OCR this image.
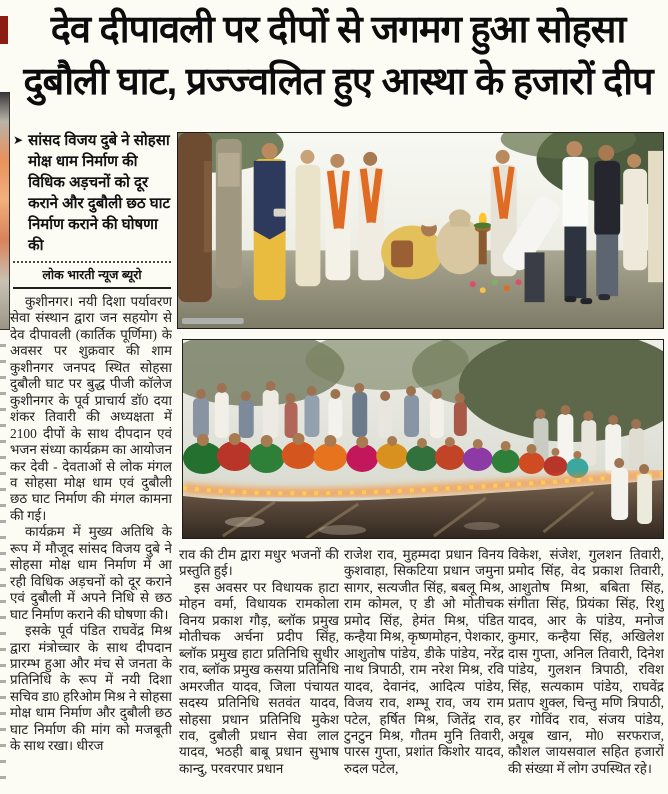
देव दीपावली पर दीपों से जगमग हुआ सोहसा
दुबौली घाट, प्रज्ज्वलित हुए आस्था के हजारों दीप
➤ सांसद विजय दुबे ने सोहसा मोक्ष धाम निर्माण की विधिक अड़चनों को दूर कराने और दुबौली छठ घाट निर्माण कराने की घोषणा की
लोक भारती न्यूज ब्यूरो

कुशीनगर। नयी दिशा पर्यावरण सेवा संस्थान द्वारा जन सहयोग से देव दीपावली (कार्तिक पूर्णिमा) के अवसर पर शुक्रवार की शाम कुशीनगर जनपद स्थित सोहसा दुबौली घाट पर बुद्ध पीजी कॉलेज कुशीनगर के पूर्व प्राचार्य डॉ0 दया शंकर तिवारी की अध्यक्षता में 2100 दीपों के साथ दीपदान एवं भजन संध्या कार्यक्रम का आयोजन कर देवी - देवताओं से लोक मंगल व सोहसा मोक्ष धाम एवं दुबौली छठ घाट निर्माण की मंगल कामना की गई।

कार्यक्रम में मुख्य अतिथि के रूप में मौजूद सांसद विजय दुबे ने सोहसा मोक्ष धाम निर्माण में आ रही विधिक अड़चनों को दूर कराने एवं दुबौली में अपने निधि से छठ घाट निर्माण कराने की घोषणा की।

इसके पूर्व पंडित राघवेंद्र मिश्र द्वारा मंत्रोच्चार के साथ दीपदान प्रारम्भ हुआ और मंच से जनता के प्रतिनिधि के रूप में नयी दिशा सचिव डा0 हरिओम मिश्र ने सोहसा मोक्ष धाम निर्माण और दुबौली छठ घाट निर्माण की मांग को मजबूती के साथ रखा। धीरज

राव की टीम द्वारा मधुर भजनों की प्रस्तुति हुई।

इस अवसर पर विधायक हाटा मोहन वर्मा, विधायक रामकोला विनय प्रकाश गौड़, ब्लॉक प्रमुख मोतीचक अर्चना प्रदीप सिंह, ब्लॉक प्रमुख हाटा प्रतिनिधि सुधीर राव, ब्लॉक प्रमुख कसया प्रतिनिधि अमरजीत यादव, जिला पंचायत सदस्य प्रतिनिधि सतवंत यादव, सोहसा प्रधान प्रतिनिधि मुकेश राव, दुबौली प्रधान सेवा लाल यादव, भठही बाबू प्रधान सुभाष कान्दु, परवरपार प्रधान

राजेश राव, मुहम्मदा प्रधान विनय कुशवाहा, सिकटिया प्रधान जमुना सागर, सत्यजीत सिंह, बबलू मिश्र, राम कोमल, ए डी ओ मोतीचक प्रमोद सिंह, हेमंत मिश्र, पंडित कन्हैया मिश्र, कृष्णमोहन, पेशकार, आशुतोष पांडेय, डीके पांडेय, नरेंद्र नाथ त्रिपाठी, राम नरेश मिश्र, रवि यादव, देवानंद, आदित्य पांडेय, विजय राव, शम्भू राव, जय राम पटेल, हर्षित मिश्र, जितेंद्र राव, टुनटुन मिश्र, गौतम मुनि तिवारी, पारस गुप्ता, प्रशांत किशोर यादव, रुदल पटेल,

विकेश, संजेश, गुलशन तिवारी, प्रमोद सिंह, वेद प्रकाश तिवारी, आशुतोष मिश्रा, बबिता सिंह, संगीता सिंह, प्रियंका सिंह, रिशु यादव, आर के पांडेय, मनोज कुमार, कन्हैया सिंह, अखिलेश दास गुप्ता, अनिल तिवारी, दिनेश पांडेय, गुलशन त्रिपाठी, रविश सिंह, सत्यकाम पांडेय, राघवेंद्र प्रताप शुक्ल, चिन्तु मणि त्रिपाठी, हर गोविंद राव, संजय पांडेय, अयूब खान, मो0 सरफराज, कौशल जायसवाल सहित हजारों की संख्या में लोग उपस्थित रहे।
